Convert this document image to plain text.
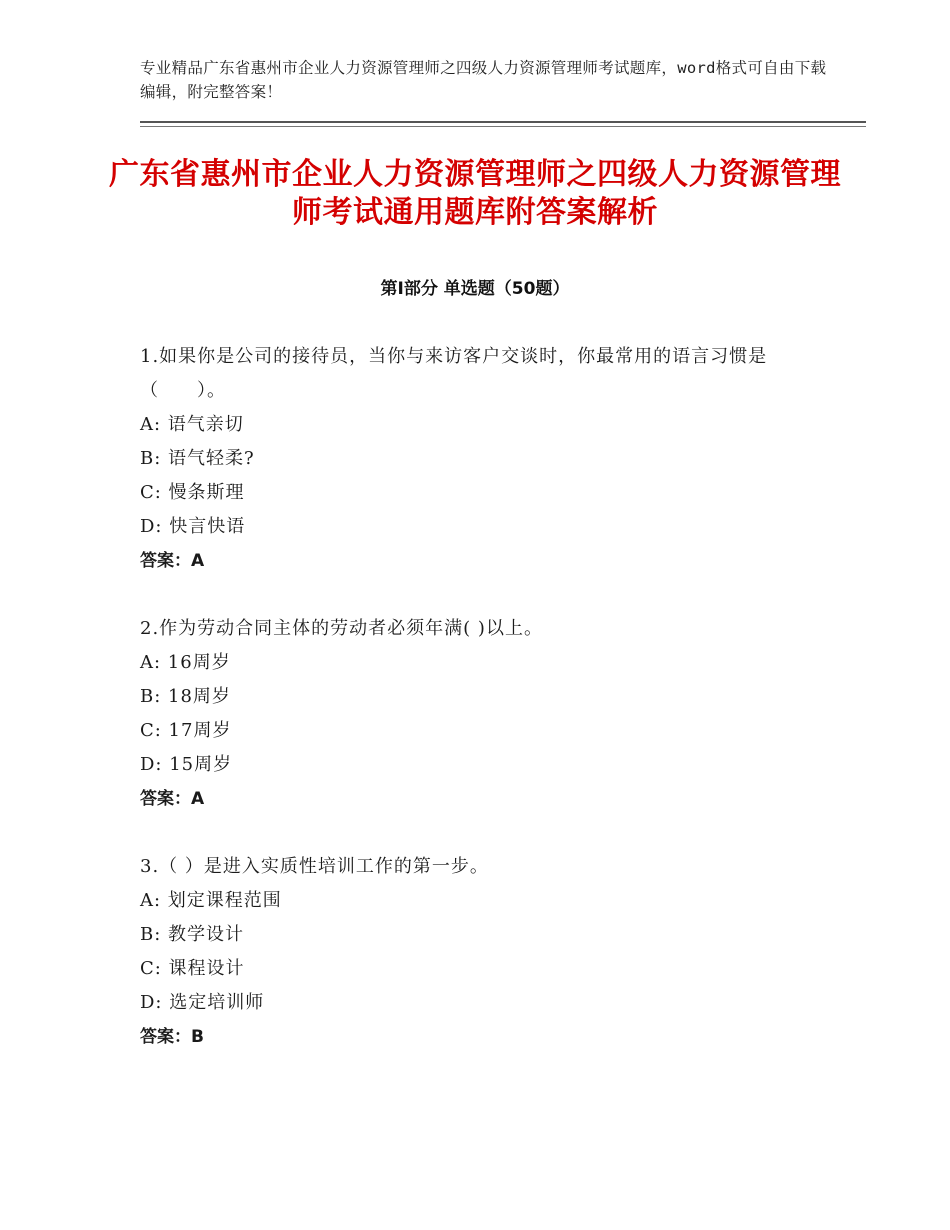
专业精品广东省惠州市企业人力资源管理师之四级人力资源管理师考试题库，word格式可自由下载编辑，附完整答案！
广东省惠州市企业人力资源管理师之四级人力资源管理师考试通用题库附答案解析
第Ⅰ部分 单选题（50题）
1.如果你是公司的接待员，当你与来访客户交谈时，你最常用的语言习惯是（　　）。
A: 语气亲切
B: 语气轻柔?
C: 慢条斯理
D: 快言快语
答案：A
2.作为劳动合同主体的劳动者必须年满( )以上。
A: 16周岁
B: 18周岁
C: 17周岁
D: 15周岁
答案：A
3.（ ）是进入实质性培训工作的第一步。
A: 划定课程范围
B: 教学设计
C: 课程设计
D: 选定培训师
答案：B
